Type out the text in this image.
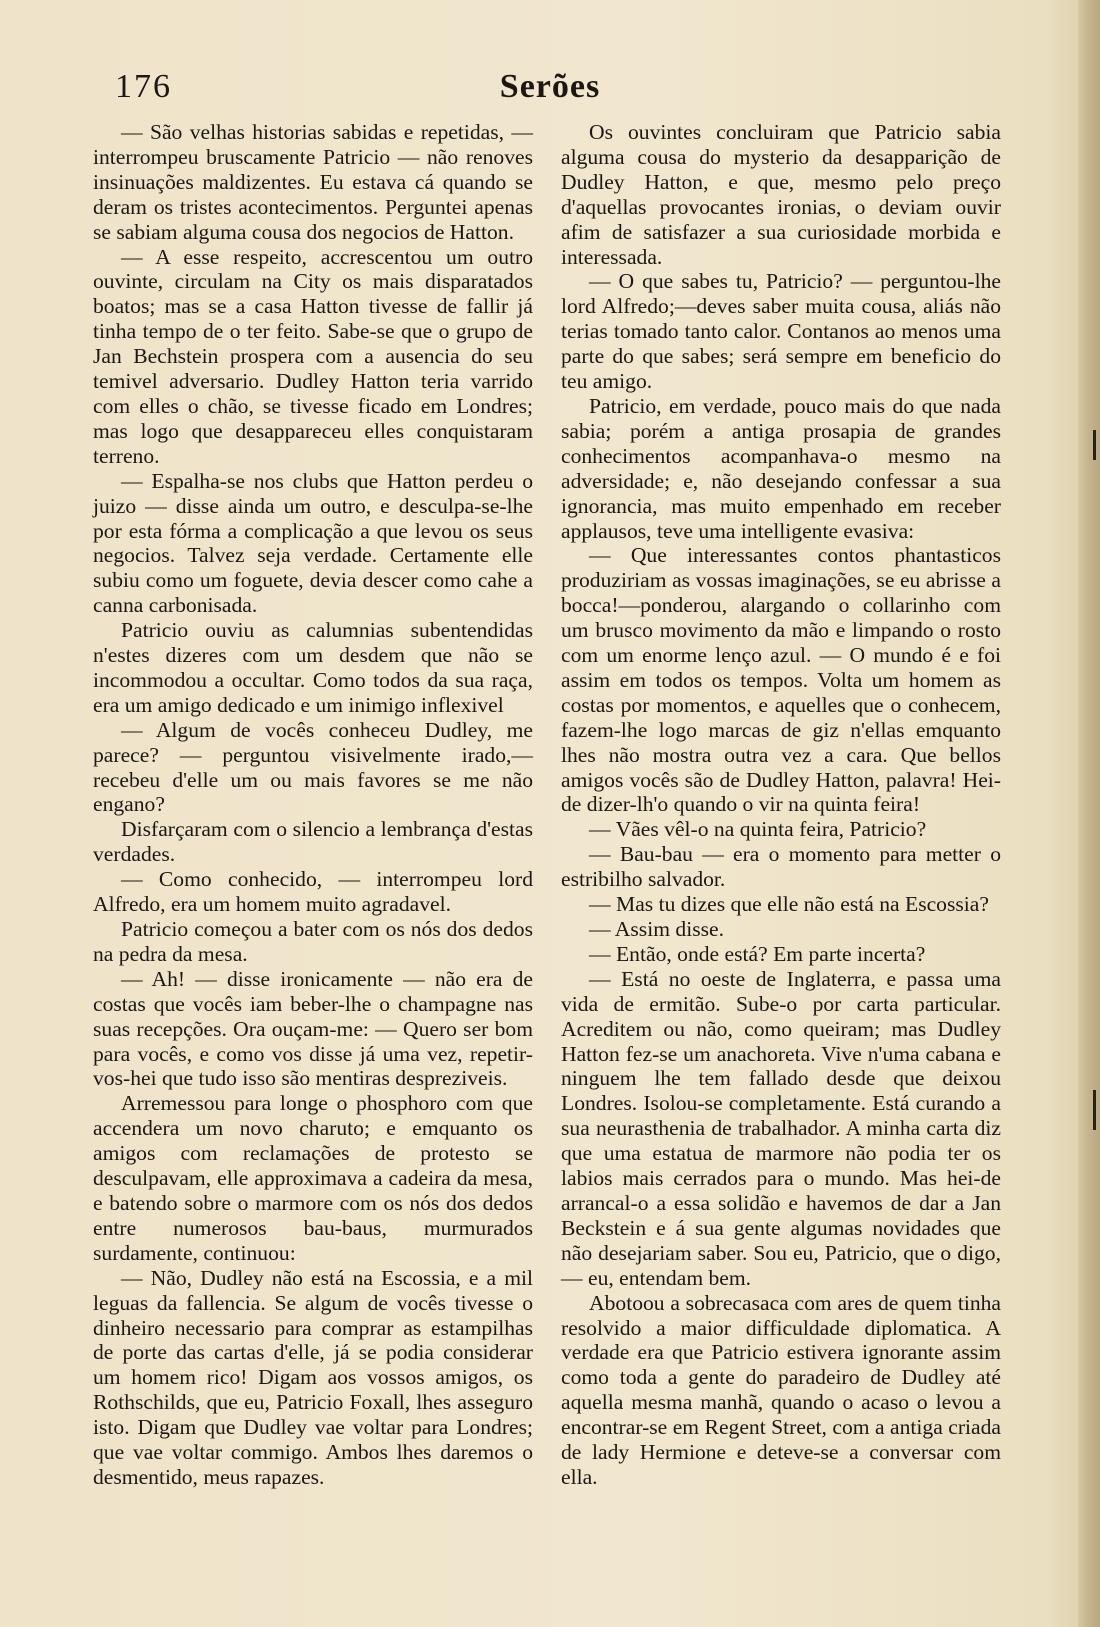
176	Serões

— São velhas historias sabidas e repetidas, — interrompeu bruscamente Patricio — não renoves insinuações maldizentes. Eu estava cá quando se deram os tristes acontecimentos. Perguntei apenas se sabiam alguma cousa dos negocios de Hatton.

— A esse respeito, accrescentou um outro ouvinte, circulam na City os mais disparatados boatos; mas se a casa Hatton tivesse de fallir já tinha tempo de o ter feito. Sabe-se que o grupo de Jan Bechstein prospera com a ausencia do seu temivel adversario. Dudley Hatton teria varrido com elles o chão, se tivesse ficado em Londres; mas logo que desappareceu elles conquistaram terreno.

— Espalha-se nos clubs que Hatton perdeu o juizo — disse ainda um outro, e desculpa-se-lhe por esta fórma a complicação a que levou os seus negocios. Talvez seja verdade. Certamente elle subiu como um foguete, devia descer como cahe a canna carbonisada.

Patricio ouviu as calumnias subentendidas n'estes dizeres com um desdem que não se incommodou a occultar. Como todos da sua raça, era um amigo dedicado e um inimigo inflexivel

— Algum de vocês conheceu Dudley, me parece? — perguntou visivelmente irado,— recebeu d'elle um ou mais favores se me não engano?

Disfarçaram com o silencio a lembrança d'estas verdades.

— Como conhecido, — interrompeu lord Alfredo, era um homem muito agradavel.

Patricio começou a bater com os nós dos dedos na pedra da mesa.

— Ah! — disse ironicamente — não era de costas que vocês iam beber-lhe o champagne nas suas recepções. Ora ouçam-me: — Quero ser bom para vocês, e como vos disse já uma vez, repetir-vos-hei que tudo isso são mentiras despreziveis.

Arremessou para longe o phosphoro com que accendera um novo charuto; e emquanto os amigos com reclamações de protesto se desculpavam, elle approximava a cadeira da mesa, e batendo sobre o marmore com os nós dos dedos entre numerosos bau-baus, murmurados surdamente, continuou:

— Não, Dudley não está na Escossia, e a mil leguas da fallencia. Se algum de vocês tivesse o dinheiro necessario para comprar as estampilhas de porte das cartas d'elle, já se podia considerar um homem rico! Digam aos vossos amigos, os Rothschilds, que eu, Patricio Foxall, lhes asseguro isto. Digam que Dudley vae voltar para Londres; que vae voltar commigo. Ambos lhes daremos o desmentido, meus rapazes.

Os ouvintes concluiram que Patricio sabia alguma cousa do mysterio da desapparição de Dudley Hatton, e que, mesmo pelo preço d'aquellas provocantes ironias, o deviam ouvir afim de satisfazer a sua curiosidade morbida e interessada.

— O que sabes tu, Patricio? — perguntou-lhe lord Alfredo;—deves saber muita cousa, aliás não terias tomado tanto calor. Contanos ao menos uma parte do que sabes; será sempre em beneficio do teu amigo.

Patricio, em verdade, pouco mais do que nada sabia; porém a antiga prosapia de grandes conhecimentos acompanhava-o mesmo na adversidade; e, não desejando confessar a sua ignorancia, mas muito empenhado em receber applausos, teve uma intelligente evasiva:

— Que interessantes contos phantasticos produziriam as vossas imaginações, se eu abrisse a bocca!—ponderou, alargando o collarinho com um brusco movimento da mão e limpando o rosto com um enorme lenço azul. — O mundo é e foi assim em todos os tempos. Volta um homem as costas por momentos, e aquelles que o conhecem, fazem-lhe logo marcas de giz n'ellas emquanto lhes não mostra outra vez a cara. Que bellos amigos vocês são de Dudley Hatton, palavra! Hei-de dizer-lh'o quando o vir na quinta feira!

— Vães vêl-o na quinta feira, Patricio?

— Bau-bau — era o momento para metter o estribilho salvador.

— Mas tu dizes que elle não está na Escossia?

— Assim disse.

— Então, onde está? Em parte incerta?

— Está no oeste de Inglaterra, e passa uma vida de ermitão. Sube-o por carta particular. Acreditem ou não, como queiram; mas Dudley Hatton fez-se um anachoreta. Vive n'uma cabana e ninguem lhe tem fallado desde que deixou Londres. Isolou-se completamente. Está curando a sua neurasthenia de trabalhador. A minha carta diz que uma estatua de marmore não podia ter os labios mais cerrados para o mundo. Mas hei-de arrancal-o a essa solidão e havemos de dar a Jan Beckstein e á sua gente algumas novidades que não desejariam saber. Sou eu, Patricio, que o digo, — eu, entendam bem.

Abotoou a sobrecasaca com ares de quem tinha resolvido a maior difficuldade diplomatica. A verdade era que Patricio estivera ignorante assim como toda a gente do paradeiro de Dudley até aquella mesma manhã, quando o acaso o levou a encontrar-se em Regent Street, com a antiga criada de lady Hermione e deteve-se a conversar com ella.
